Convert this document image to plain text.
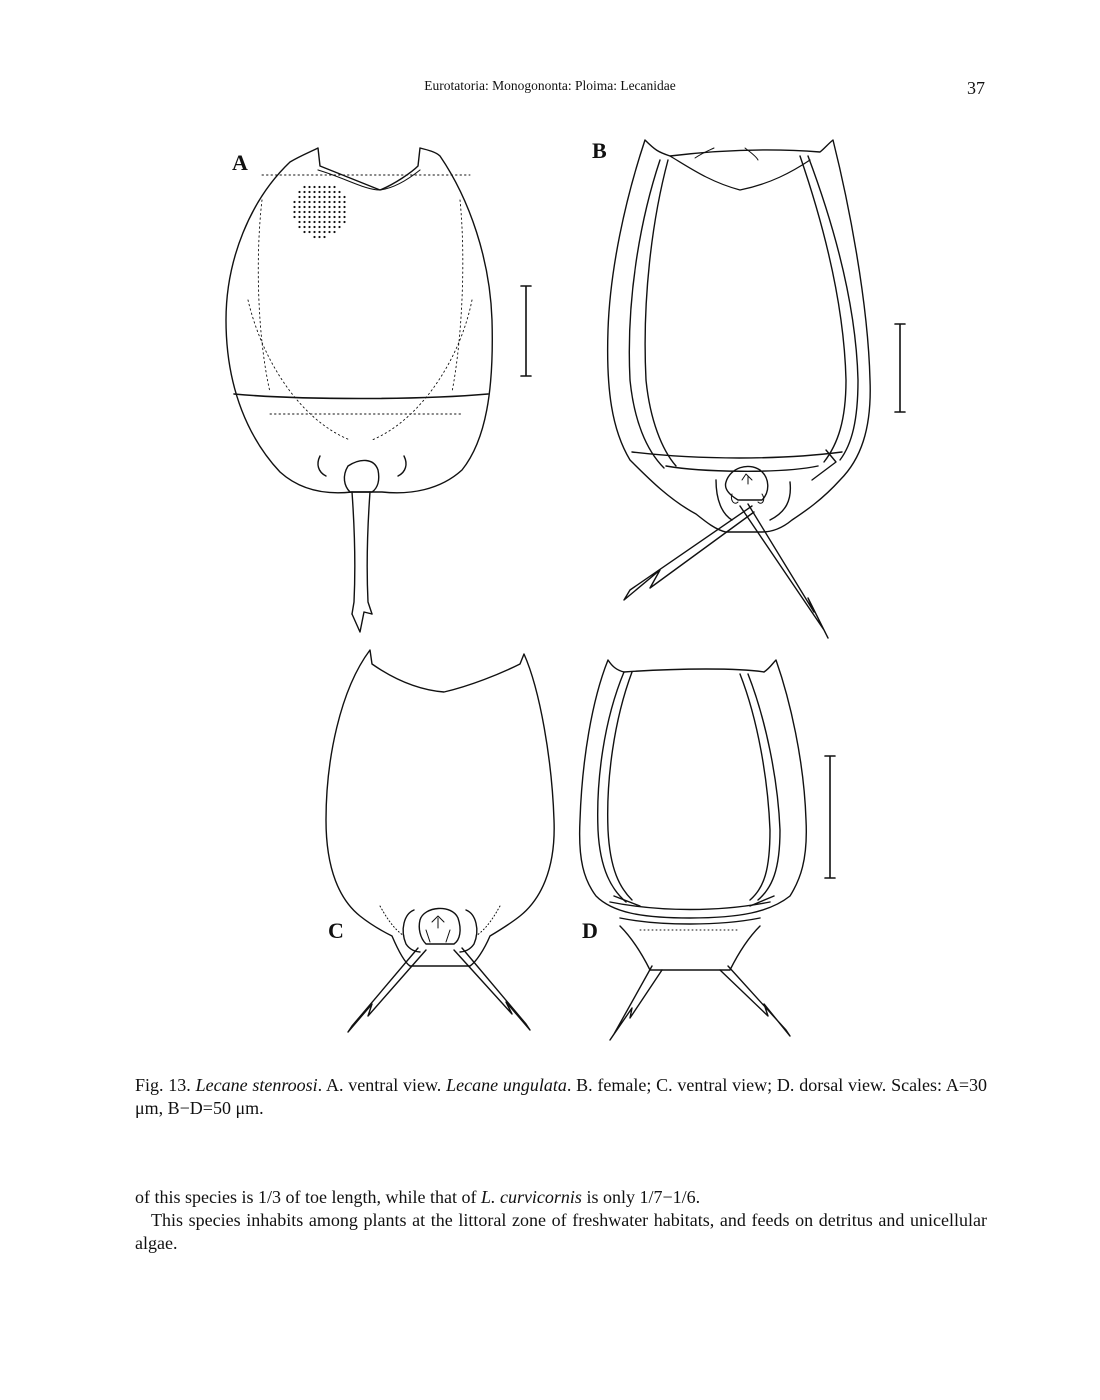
Eurotatoria: Monogononta: Ploima: Lecanidae	37
A	B
C	D
Fig. 13. Lecane stenroosi. A. ventral view. Lecane ungulata. B. female; C. ventral view; D. dorsal view. Scales: A=30 μm, B−D=50 μm.

of this species is 1/3 of toe length, while that of L. curvicornis is only 1/7−1/6.

This species inhabits among plants at the littoral zone of freshwater habitats, and feeds on detritus and unicellular algae.
